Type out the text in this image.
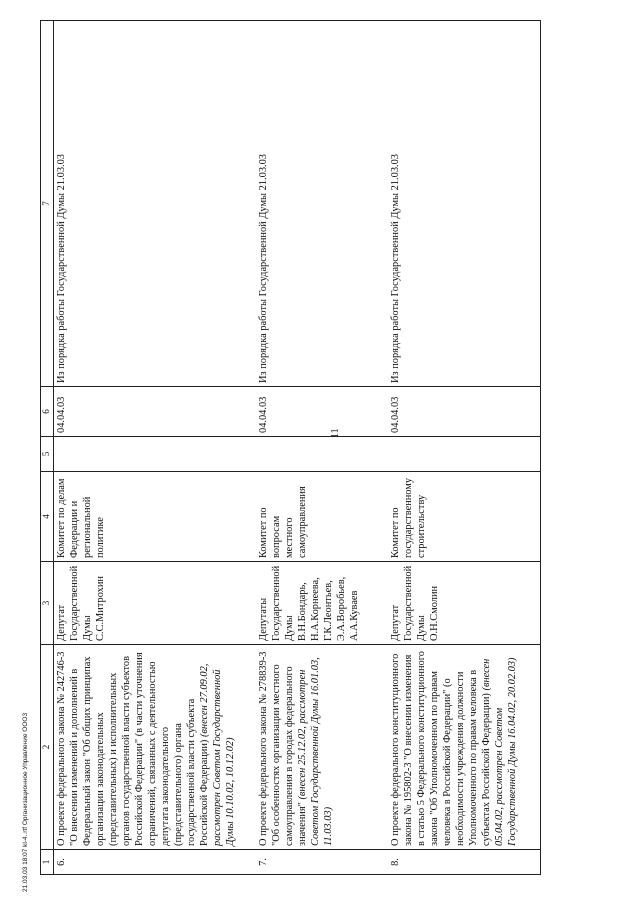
11
21.03.03 18:07 kl-4..rtf Организационное Управление ООО3 1	2	3	4	5	6	7
6.	О проекте федерального закона № 242746-3 "О внесении изменений и дополнений в Федеральный закон "Об общих принципах организации законодательных (представительных) и исполнительных органов государственной власти субъектов Российской Федерации" (в части уточнения ограничений, связанных с деятельностью депутата законодательного (представительного) органа государственной власти субъекта Российской Федерации) (внесен 27.09.02, рассмотрен Советом Государственной Думы 10.10.02, 10.12.02)	Депутат Государственной Думы С.С.Митрохин	Комитет по делам Федерации и региональной политике		04.04.03	Из порядка работы Государственной Думы 21.03.03
7.	О проекте федерального закона № 278839-3 "Об особенностях организации местного самоуправления в городах федерального значения" (внесен 25.12.02, рассмотрен Советом Государственной Думы 16.01.03, 11.03.03)	Депутаты Государственной Думы В.Н.Бондарь, Н.А.Корнеева, Г.К.Леонтьев, Э.А.Воробьев, А.А.Куваев	Комитет по вопросам местного самоуправления		04.04.03	Из порядка работы Государственной Думы 21.03.03
8.	О проекте федерального конституционного закона № 195802-3 "О внесении изменения в статью 5 Федерального конституционного закона "Об Уполномоченном по правам человека в Российской Федерации" (о необходимости учреждения должности Уполномоченного по правам человека в субъектах Российской Федерации) (внесен 05.04.02, рассмотрен Советом Государственной Думы 16.04.02, 20.02.03)	Депутат Государственной Думы О.Н.Смолин	Комитет по государственному строительству		04.04.03	Из порядка работы Государственной Думы 21.03.03
